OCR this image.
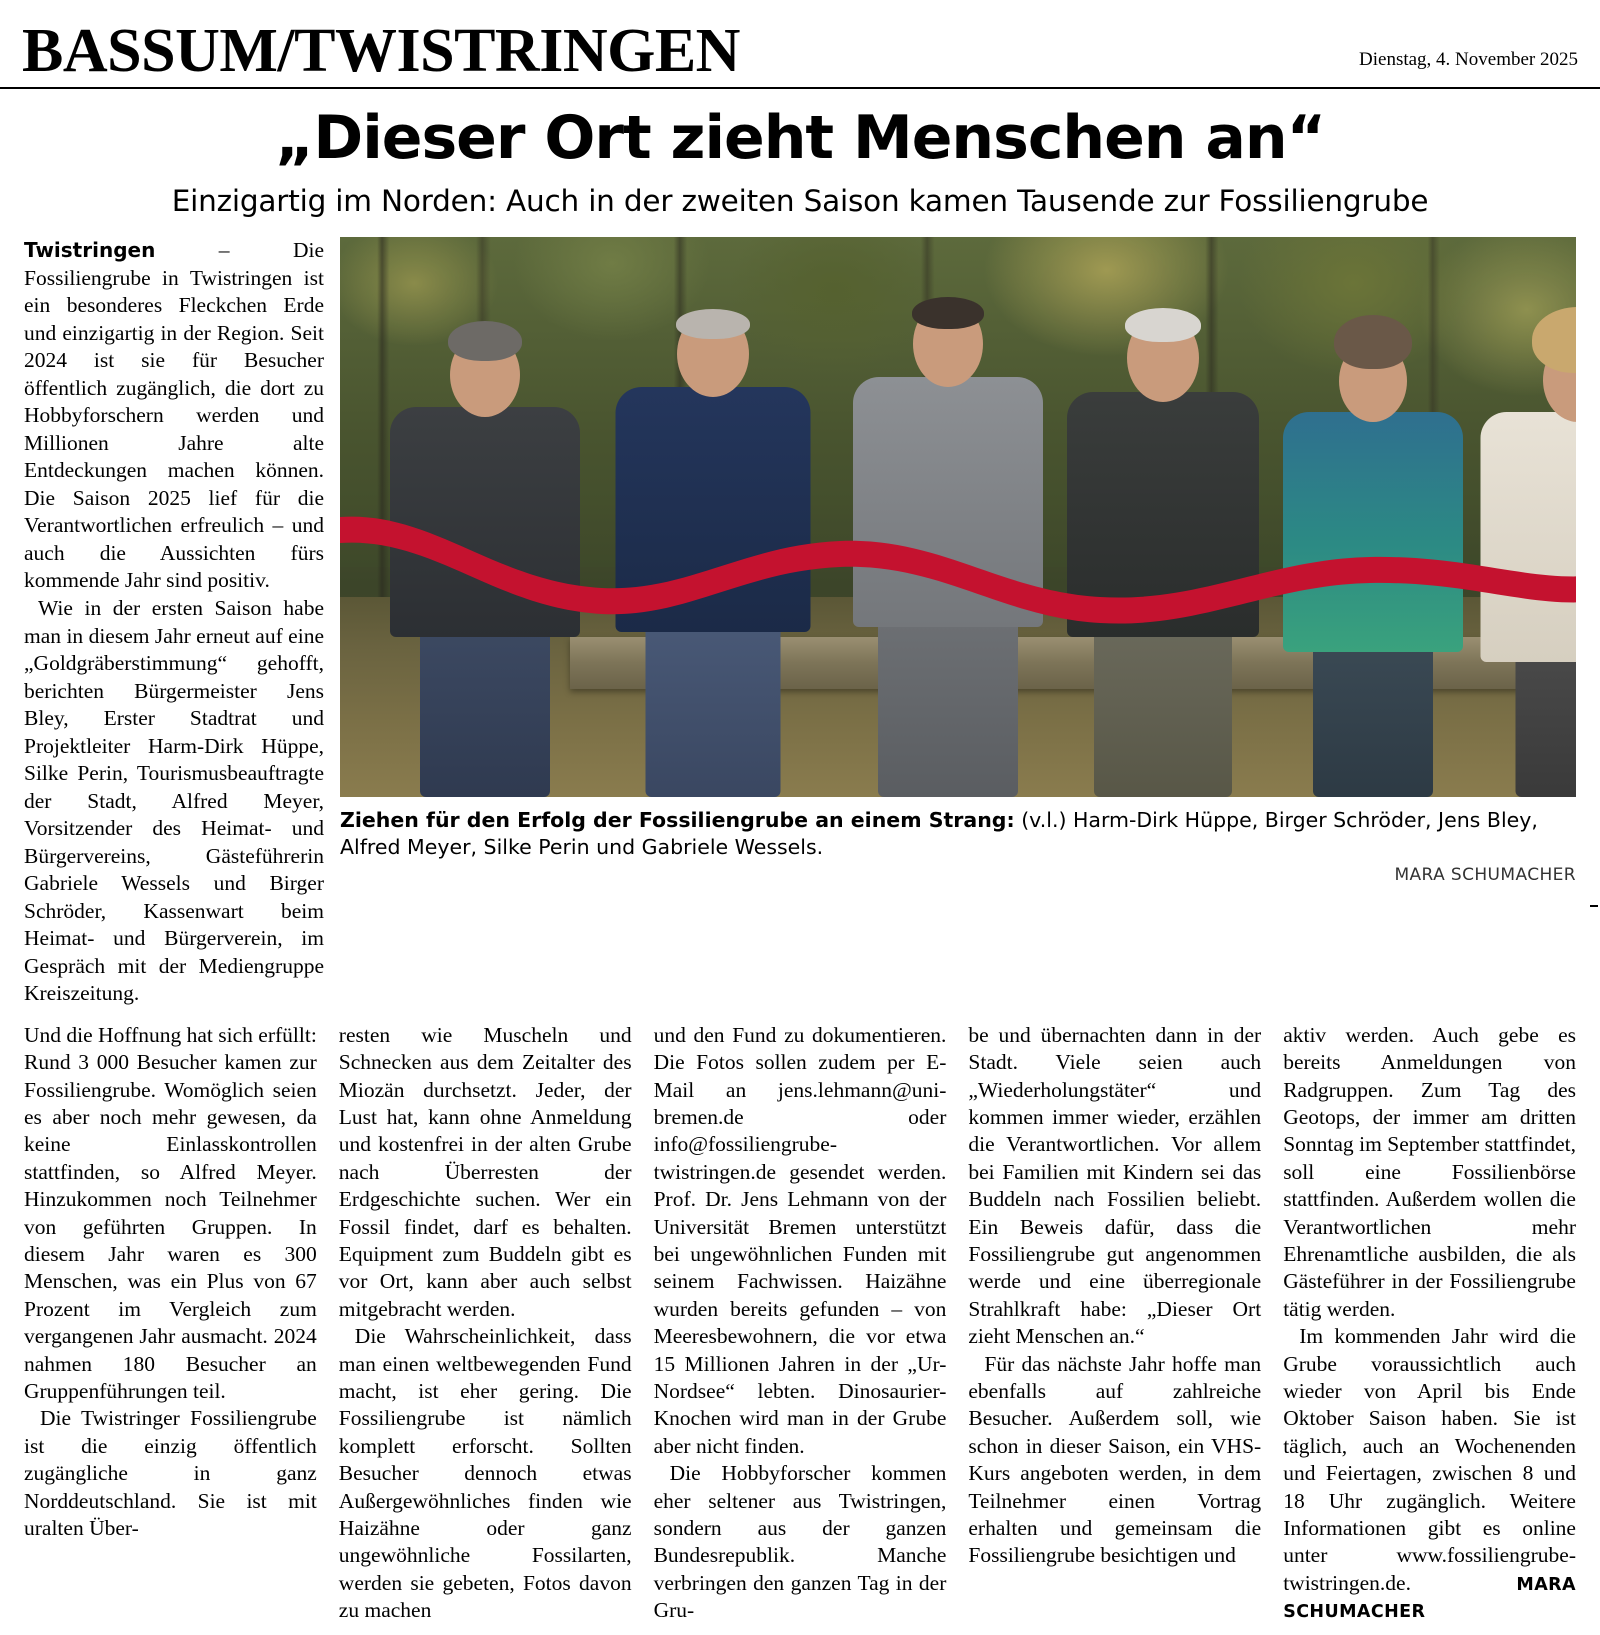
BASSUM/TWISTRINGEN	Dienstag, 4. November 2025
„Dieser Ort zieht Menschen an“
Einzigartig im Norden: Auch in der zweiten Saison kamen Tausende zur Fossiliengrube

Twistringen – Die Fossiliengrube in Twistringen ist ein besonderes Fleckchen Erde und einzigartig in der Region. Seit 2024 ist sie für Besucher öffentlich zugänglich, die dort zu Hobbyforschern werden und Millionen Jahre alte Entdeckungen machen können. Die Saison 2025 lief für die Verantwortlichen erfreulich – und auch die Aussichten fürs kommende Jahr sind positiv.

Wie in der ersten Saison habe man in diesem Jahr erneut auf eine „Goldgräberstimmung“ gehofft, berichten Bürgermeister Jens Bley, Erster Stadtrat und Projektleiter Harm-Dirk Hüppe, Silke Perin, Tourismusbeauftragte der Stadt, Alfred Meyer, Vorsitzender des Heimat- und Bürgervereins, Gästeführerin Gabriele Wessels und Birger Schröder, Kassenwart beim Heimat- und Bürgerverein, im Gespräch mit der Mediengruppe Kreiszeitung.

Ziehen für den Erfolg der Fossiliengrube an einem Strang: (v.l.) Harm-Dirk Hüppe, Birger Schröder, Jens Bley, Alfred Meyer, Silke Perin und Gabriele Wessels.
MARA SCHUMACHER

Und die Hoffnung hat sich erfüllt: Rund 3 000 Besucher kamen zur Fossiliengrube. Womöglich seien es aber noch mehr gewesen, da keine Einlasskontrollen stattfinden, so Alfred Meyer. Hinzukommen noch Teilnehmer von geführten Gruppen. In diesem Jahr waren es 300 Menschen, was ein Plus von 67 Prozent im Vergleich zum vergangenen Jahr ausmacht. 2024 nahmen 180 Besucher an Gruppenführungen teil.

Die Twistringer Fossiliengrube ist die einzig öffentlich zugängliche in ganz Norddeutschland. Sie ist mit uralten Über-

resten wie Muscheln und Schnecken aus dem Zeitalter des Miozän durchsetzt. Jeder, der Lust hat, kann ohne Anmeldung und kostenfrei in der alten Grube nach Überresten der Erdgeschichte suchen. Wer ein Fossil findet, darf es behalten. Equipment zum Buddeln gibt es vor Ort, kann aber auch selbst mitgebracht werden.

Die Wahrscheinlichkeit, dass man einen weltbewegenden Fund macht, ist eher gering. Die Fossiliengrube ist nämlich komplett erforscht. Sollten Besucher dennoch etwas Außergewöhnliches finden wie Haizähne oder ganz ungewöhnliche Fossilarten, werden sie gebeten, Fotos davon zu machen

und den Fund zu dokumentieren. Die Fotos sollen zudem per E-Mail an jens.lehmann@uni-bremen.de oder info@fossiliengrube-twistringen.de gesendet werden. Prof. Dr. Jens Lehmann von der Universität Bremen unterstützt bei ungewöhnlichen Funden mit seinem Fachwissen. Haizähne wurden bereits gefunden – von Meeresbewohnern, die vor etwa 15 Millionen Jahren in der „Ur-Nordsee“ lebten. Dinosaurier-Knochen wird man in der Grube aber nicht finden.

Die Hobbyforscher kommen eher seltener aus Twistringen, sondern aus der ganzen Bundesrepublik. Manche verbringen den ganzen Tag in der Gru-

be und übernachten dann in der Stadt. Viele seien auch „Wiederholungstäter“ und kommen immer wieder, erzählen die Verantwortlichen. Vor allem bei Familien mit Kindern sei das Buddeln nach Fossilien beliebt. Ein Beweis dafür, dass die Fossiliengrube gut angenommen werde und eine überregionale Strahlkraft habe: „Dieser Ort zieht Menschen an.“

Für das nächste Jahr hoffe man ebenfalls auf zahlreiche Besucher. Außerdem soll, wie schon in dieser Saison, ein VHS-Kurs angeboten werden, in dem Teilnehmer einen Vortrag erhalten und gemeinsam die Fossiliengrube besichtigen und

aktiv werden. Auch gebe es bereits Anmeldungen von Radgruppen. Zum Tag des Geotops, der immer am dritten Sonntag im September stattfindet, soll eine Fossilienbörse stattfinden. Außerdem wollen die Verantwortlichen mehr Ehrenamtliche ausbilden, die als Gästeführer in der Fossiliengrube tätig werden.

Im kommenden Jahr wird die Grube voraussichtlich auch wieder von April bis Ende Oktober Saison haben. Sie ist täglich, auch an Wochenenden und Feiertagen, zwischen 8 und 18 Uhr zugänglich. Weitere Informationen gibt es online unter www.fossiliengrube-twistringen.de.	MARA SCHUMACHER
